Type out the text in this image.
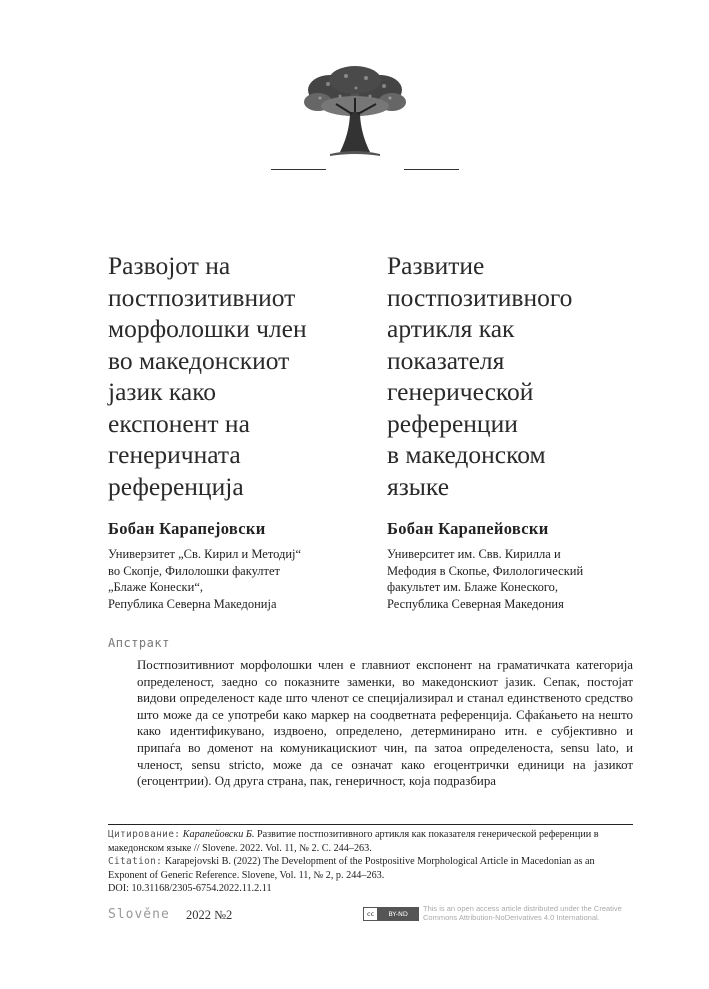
Развојот на
постпозитивниот
морфолошки член
во македонскиот
јазик како
експонент на
генеричната
референција
Развитие
постпозитивного
артикля как
показателя
генерической
референции
в македонском
языке
Бобан Карапејовски	Бобан Карапейовски
Универзитет „Св. Кирил и Методиј“
во Скопје, Филолошки факултет
„Блаже Конески“,
Република Северна Македонија
Университет им. Свв. Кирилла и
Мефодия в Скопье, Филологический
факультет им. Блаже Конеского,
Республика Северная Македония
Апстракт
Постпозитивниот морфолошки член е главниот експонент на граматичката категорија определеност, заедно со показните заменки, во македонскиот јазик. Сепак, постојат видови определеност каде што членот се специјализирал и станал единственото средство што може да се употреби како маркер на соодветната референција. Сфаќањето на нешто како идентификувано, издвоено, определено, детерминирано итн. е субјективно и припаѓа во доменот на комуникацискиот чин, па затоа определеноста, sensu lato, и членост, sensu stricto, може да се означат како егоцентрички единици на јазикот (егоцентрии). Од друга страна, пак, генеричност, која подразбира
Цитирование: Карапейовски Б. Развитие постпозитивного артикля как показателя генерической референции в македонском языке // Slovene. 2022. Vol. 11, № 2. С. 244–263.
Citation: Karapejovski B. (2022) The Development of the Postpositive Morphological Article in Macedonian as an Exponent of Generic Reference. Slovene, Vol. 11, № 2, p. 244–263.
DOI: 10.31168/2305-6754.2022.11.2.11
Slověne 2022 №2	cc	BY-ND
This is an open access article distributed under the Creative
Commons Attribution-NoDerivatives 4.0 International.
